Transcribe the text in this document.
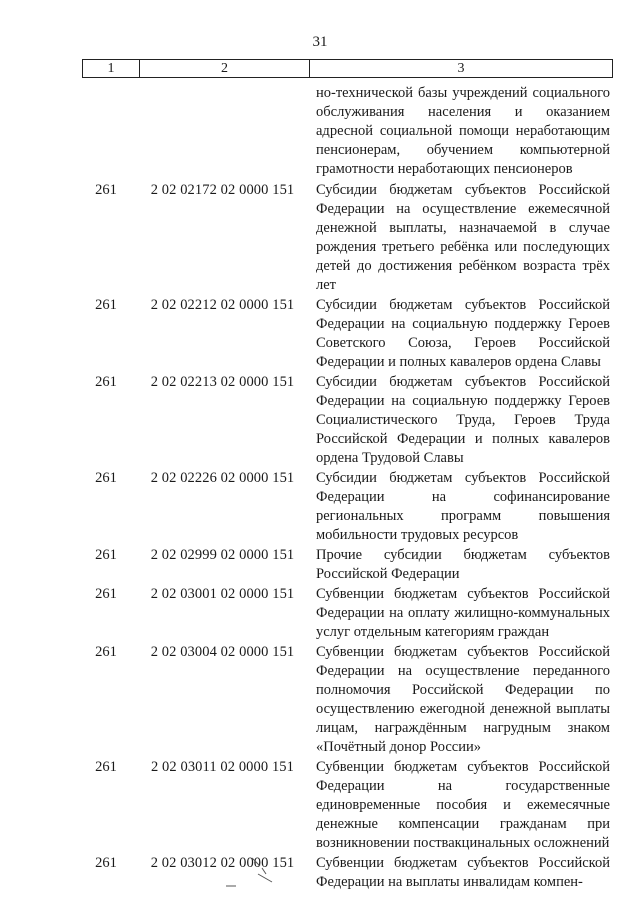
31
1	2	3
но-технической базы учреждений социального обслуживания населения и оказанием адресной социальной помощи неработающим пенсионерам, обучением компьютерной грамотности неработающих пенсионеров
261	2 02 02172 02 0000 151	Субсидии бюджетам субъектов Российской Федерации на осуществление ежемесячной денежной выплаты, назначаемой в случае рождения третьего ребёнка или последующих детей до достижения ребёнком возраста трёх лет
261	2 02 02212 02 0000 151	Субсидии бюджетам субъектов Российской Федерации на социальную поддержку Героев Советского Союза, Героев Российской Федерации и полных кавалеров ордена Славы
261	2 02 02213 02 0000 151	Субсидии бюджетам субъектов Российской Федерации на социальную поддержку Героев Социалистического Труда, Героев Труда Российской Федерации и полных кавалеров ордена Трудовой Славы
261	2 02 02226 02 0000 151	Субсидии бюджетам субъектов Российской Федерации на софинансирование региональных программ повышения мобильности трудовых ресурсов
261	2 02 02999 02 0000 151	Прочие субсидии бюджетам субъектов Российской Федерации
261	2 02 03001 02 0000 151	Субвенции бюджетам субъектов Российской Федерации на оплату жилищно-коммунальных услуг отдельным категориям граждан
261	2 02 03004 02 0000 151	Субвенции бюджетам субъектов Российской Федерации на осуществление переданного полномочия Российской Федерации по осуществлению ежегодной денежной выплаты лицам, награждённым нагрудным знаком «Почётный донор России»
261	2 02 03011 02 0000 151	Субвенции бюджетам субъектов Российской Федерации на государственные единовременные пособия и ежемесячные денежные компенсации гражданам при возникновении поствакцинальных осложнений
261	2 02 03012 02 0000 151	Субвенции бюджетам субъектов Российской Федерации на выплаты инвалидам компен-
